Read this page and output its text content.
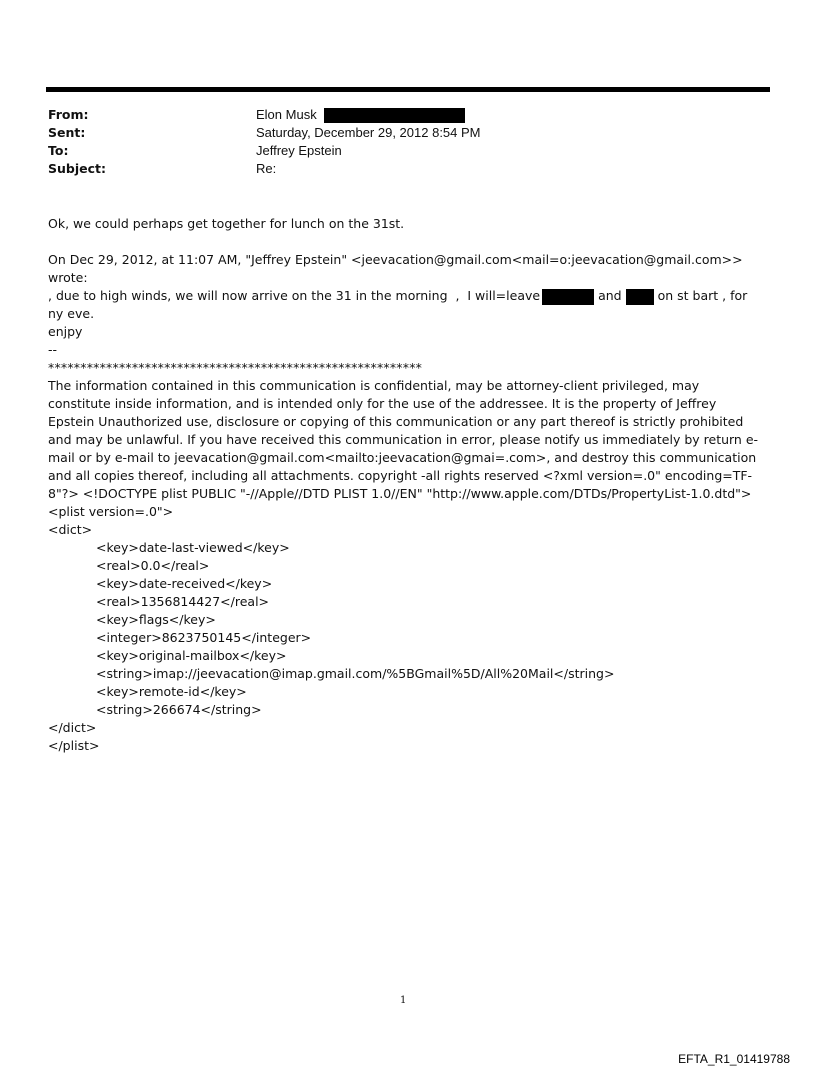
From:	Elon Musk
Sent:	Saturday, December 29, 2012 8:54 PM
To:	Jeffrey Epstein
Subject:	Re:

Ok, we could perhaps get together for lunch on the 31st.

On Dec 29, 2012, at 11:07 AM, "Jeffrey Epstein" <jeevacation@gmail.com<mail=o:jeevacation@gmail.com>> wrote:

, due to high winds, we will now arrive on the 31 in the morning  ,  I will=leave	and	on st bart , for ny eve.

enjpy

--

**********************************************************

The information contained in this communication is confidential, may be attorney-client privileged, may constitute inside information, and is intended only for the use of the addressee. It is the property of Jeffrey Epstein Unauthorized use, disclosure or copying of this communication or any part thereof is strictly prohibited and may be unlawful. If you have received this communication in error, please notify us immediately by return e-mail or by e-mail to jeevacation@gmail.com<mailto:jeevacation@gmai=.com>, and destroy this communication and all copies thereof, including all attachments. copyright -all rights reserved <?xml version=.0" encoding=TF-8"?> <!DOCTYPE plist PUBLIC "-//Apple//DTD PLIST 1.0//EN" "http://www.apple.com/DTDs/PropertyList-1.0.dtd">

<plist version=.0">

<dict>

<key>date-last-viewed</key>

<real>0.0</real>

<key>date-received</key>

<real>1356814427</real>

<key>flags</key>

<integer>8623750145</integer>

<key>original-mailbox</key>

<string>imap://jeevacation@imap.gmail.com/%5BGmail%5D/All%20Mail</string>

<key>remote-id</key>

<string>266674</string>

</dict>

</plist>

1
EFTA_R1_01419788
